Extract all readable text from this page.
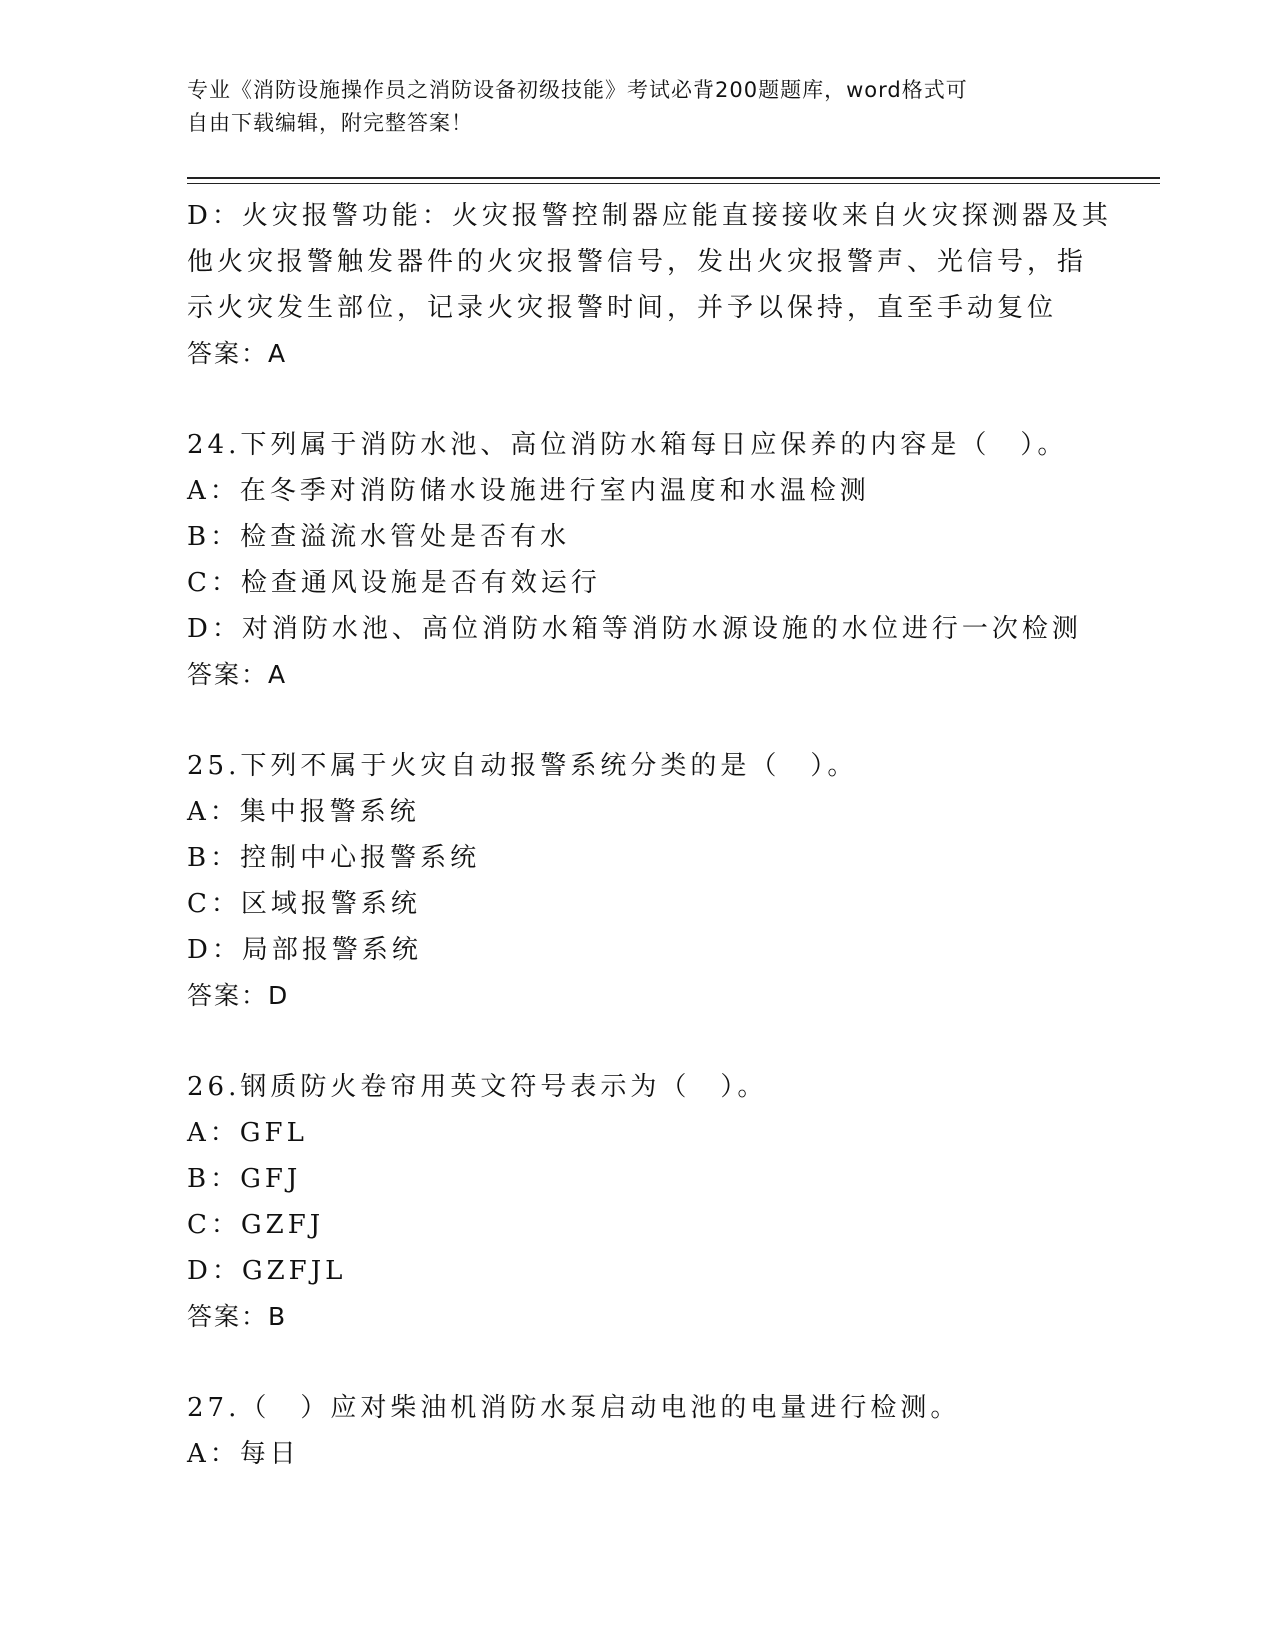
专业《消防设施操作员之消防设备初级技能》考试必背200题题库，word格式可
自由下载编辑，附完整答案！
D：火灾报警功能：火灾报警控制器应能直接接收来自火灾探测器及其
他火灾报警触发器件的火灾报警信号，发出火灾报警声、光信号，指
示火灾发生部位，记录火灾报警时间，并予以保持，直至手动复位
答案：A
24.下列属于消防水池、高位消防水箱每日应保养的内容是（　）。
A：在冬季对消防储水设施进行室内温度和水温检测
B：检查溢流水管处是否有水
C：检查通风设施是否有效运行
D：对消防水池、高位消防水箱等消防水源设施的水位进行一次检测
答案：A
25.下列不属于火灾自动报警系统分类的是（　）。
A：集中报警系统
B：控制中心报警系统
C：区域报警系统
D：局部报警系统
答案：D
26.钢质防火卷帘用英文符号表示为（　）。
A：GFL
B：GFJ
C：GZFJ
D：GZFJL
答案：B
27.（　）应对柴油机消防水泵启动电池的电量进行检测。
A：每日
